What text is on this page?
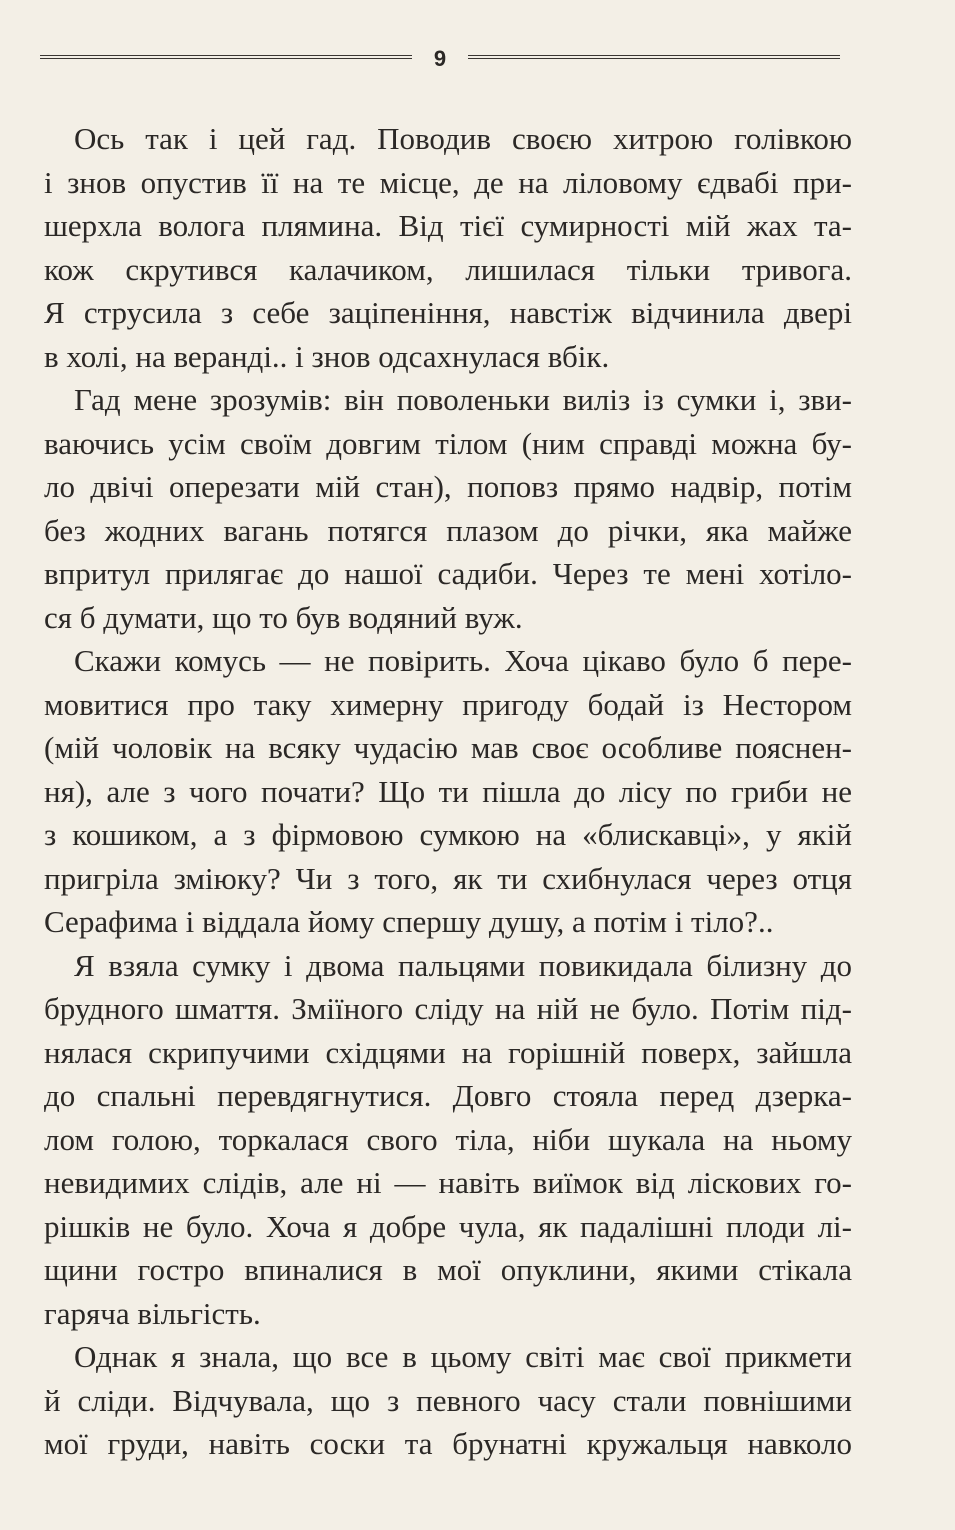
9
Ось так і цей гад. Поводив своєю хитрою голівкою
і знов опустив її на те місце, де на ліловому єдвабі при-
шерхла волога плямина. Від тієї сумирності мій жах та-
кож скрутився калачиком, лишилася тільки тривога.
Я струсила з себе заціпеніння, навстіж відчинила двері
в холі, на веранді.. і знов одсахнулася вбік.
Гад мене зрозумів: він поволеньки виліз із сумки і, зви-
ваючись усім своїм довгим тілом (ним справді можна бу-
ло двічі оперезати мій стан), поповз прямо надвір, потім
без жодних вагань потягся плазом до річки, яка майже
впритул прилягає до нашої садиби. Через те мені хотіло-
ся б думати, що то був водяний вуж.
Скажи комусь — не повірить. Хоча цікаво було б пере-
мовитися про таку химерну пригоду бодай із Нестором
(мій чоловік на всяку чудасію мав своє особливе пояснен-
ня), але з чого почати? Що ти пішла до лісу по гриби не
з кошиком, а з фірмовою сумкою на «блискавці», у якій
пригріла зміюку? Чи з того, як ти схибнулася через отця
Серафима і віддала йому спершу душу, а потім і тіло?..
Я взяла сумку і двома пальцями повикидала білизну до
брудного шмаття. Зміїного сліду на ній не було. Потім під-
нялася скрипучими східцями на горішній поверх, зайшла
до спальні перевдягнутися. Довго стояла перед дзерка-
лом голою, торкалася свого тіла, ніби шукала на ньому
невидимих слідів, але ні — навіть виїмок від ліскових го-
рішків не було. Хоча я добре чула, як падалішні плоди лі-
щини гостро впиналися в мої опуклини, якими стікала
гаряча вільгість.
Однак я знала, що все в цьому світі має свої прикмети
й сліди. Відчувала, що з певного часу стали повнішими
мої груди, навіть соски та брунатні кружальця навколо
